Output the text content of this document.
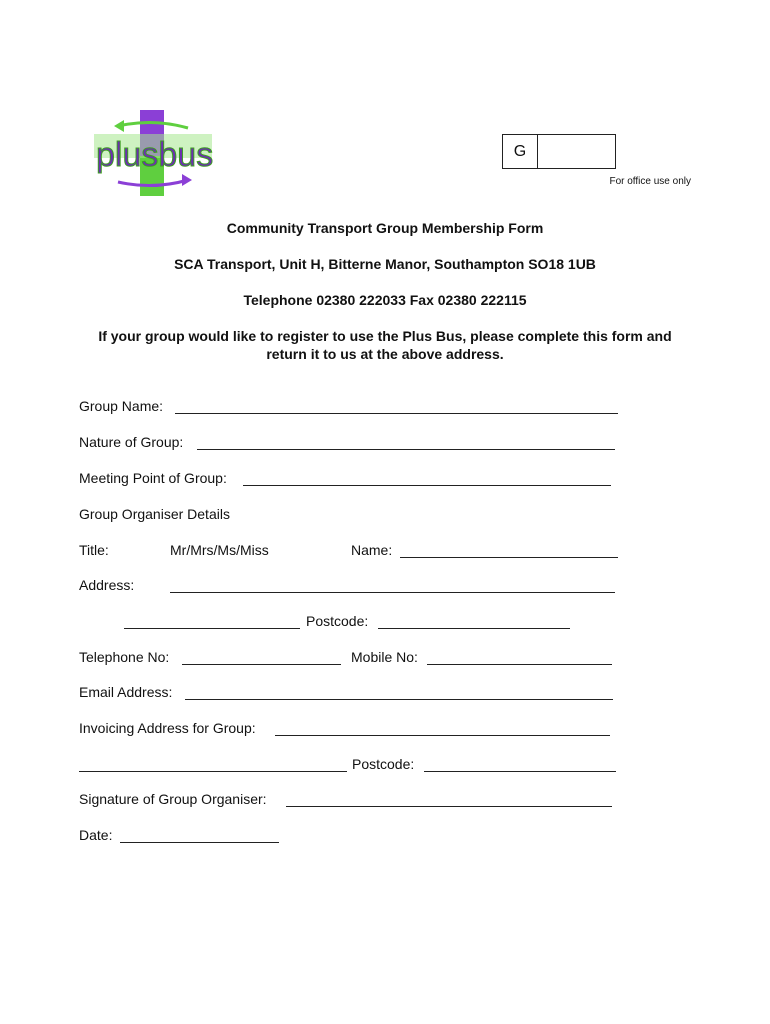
plusbus	G
For office use only
Community Transport Group Membership Form
SCA Transport, Unit H, Bitterne Manor, Southampton SO18 1UB
Telephone 02380 222033 Fax 02380 222115
If your group would like to register to use the Plus Bus, please complete this form and return it to us at the above address.
Group Name:
Nature of Group:
Meeting Point of Group:
Group Organiser Details
Title:	Mr/Mrs/Ms/Miss	Name:
Address:
Postcode:
Telephone No:	Mobile No:
Email Address:
Invoicing Address for Group:
Postcode:
Signature of Group Organiser:
Date:
